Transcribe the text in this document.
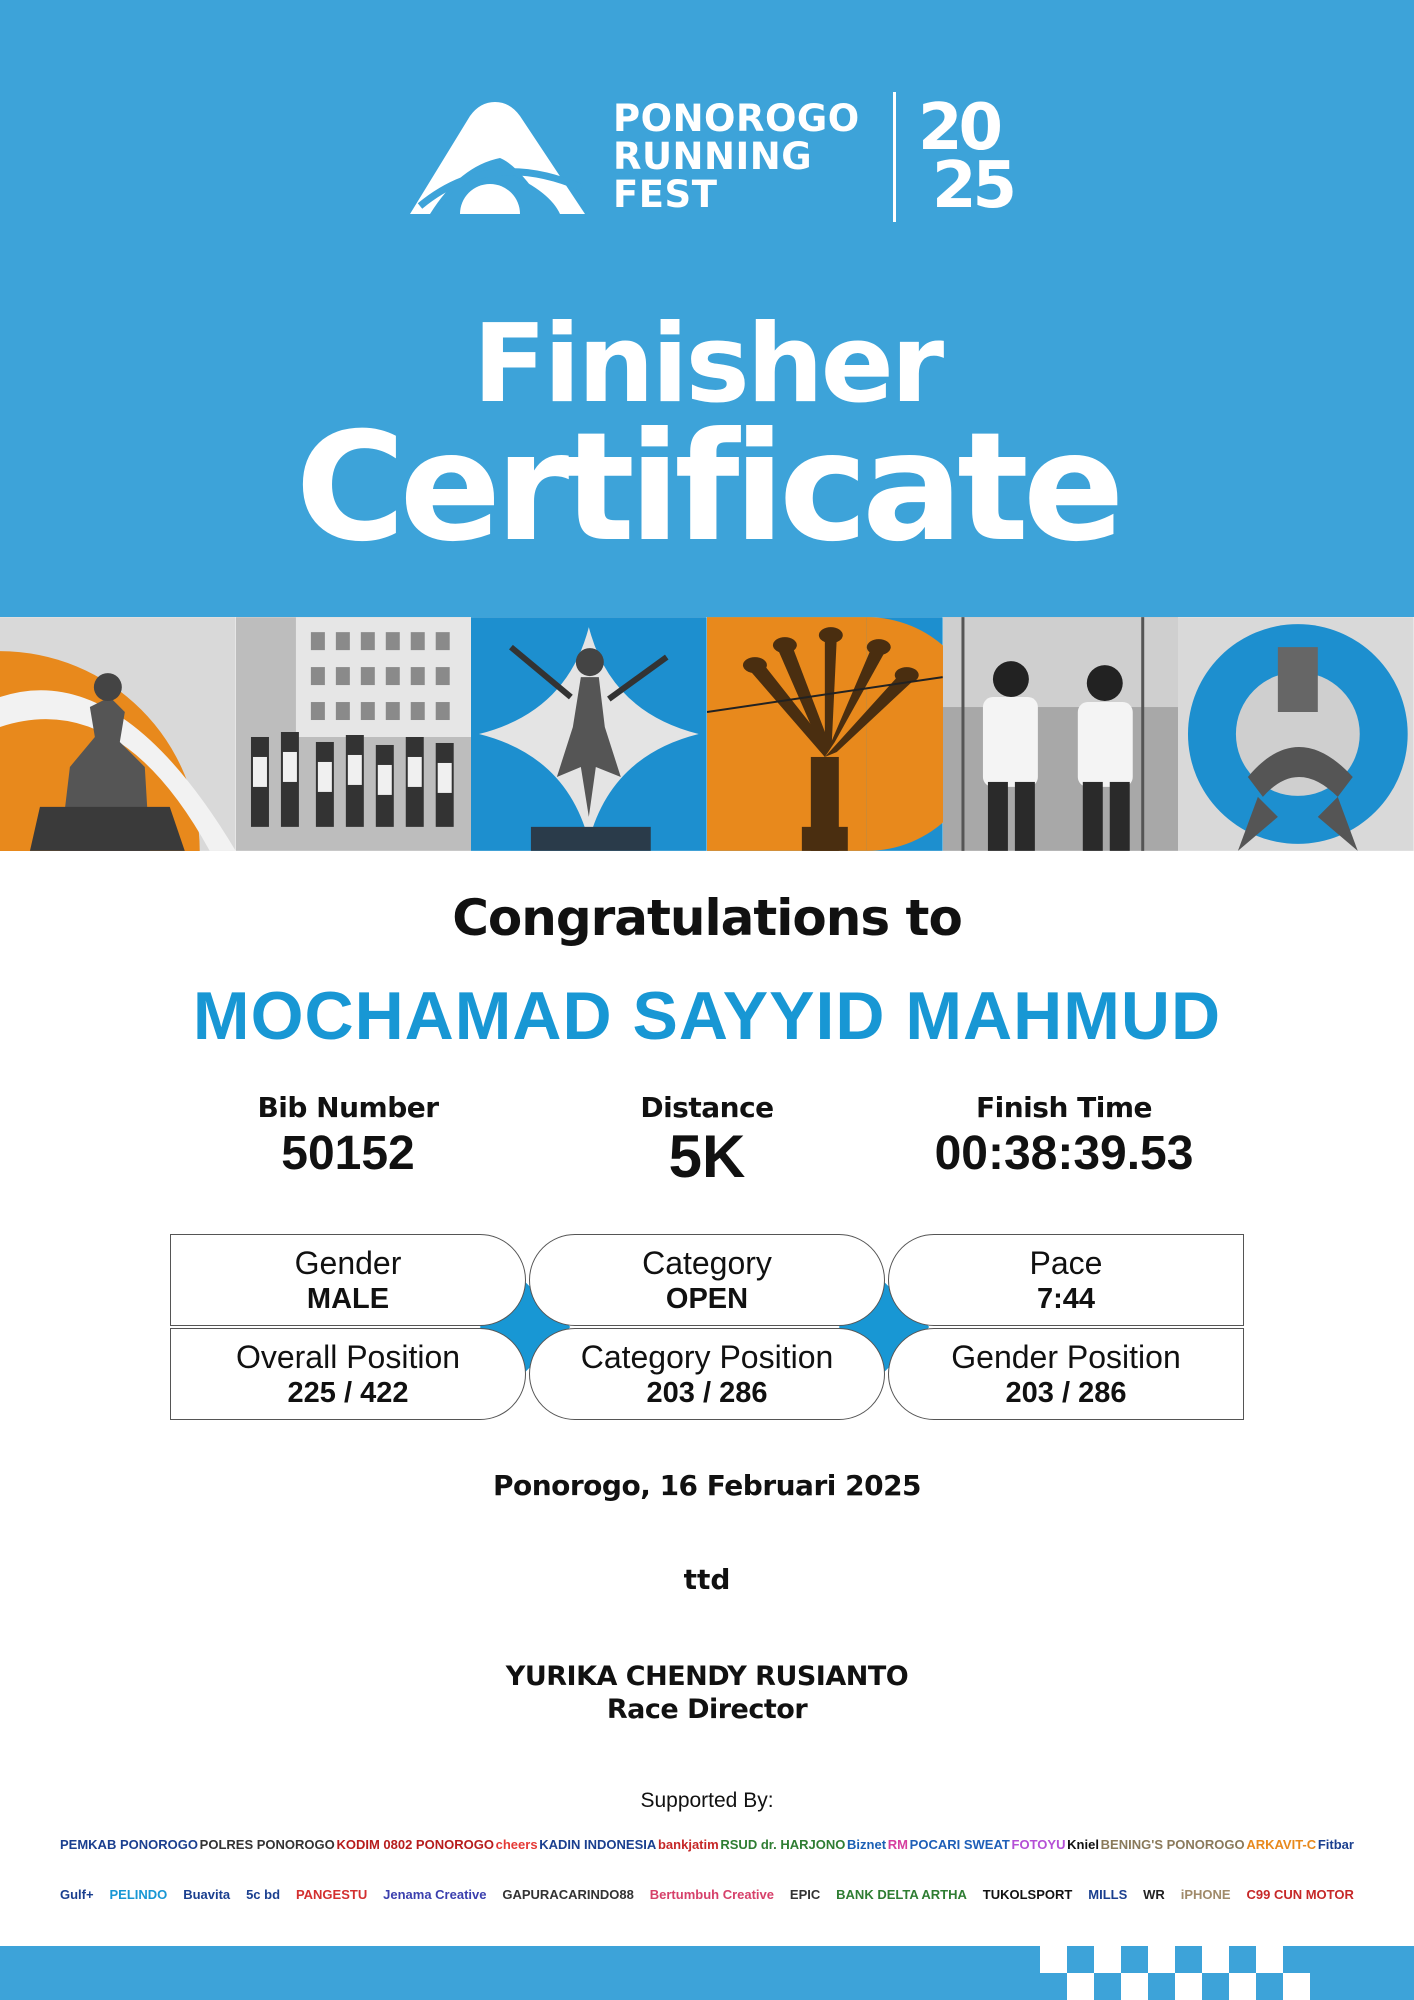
PONOROGO
RUNNING
FEST
20
25
Finisher
Certificate
Congratulations to
MOCHAMAD SAYYID MAHMUD
Bib Number
50152
Distance
5K
Finish Time
00:38:39.53
Gender
MALE
Category
OPEN
Pace
7:44
Overall Position
225 / 422
Category Position
203 / 286
Gender Position
203 / 286
Ponorogo, 16 Februari 2025
ttd
YURIKA CHENDY RUSIANTO
Race Director
Supported By:
PEMKAB PONOROGO POLRES PONOROGO KODIM 0802 PONOROGO cheers KADIN INDONESIA bankjatim RSUD dr. HARJONO Biznet RM POCARI SWEAT FOTOYU Kniel BENING'S PONOROGO ARKAVIT-C Fitbar
Gulf+ PELINDO Buavita 5c bd PANGESTU Jenama Creative GAPURACARINDO88 Bertumbuh Creative EPIC BANK DELTA ARTHA TUKOLSPORT MILLS WR iPHONE C99 CUN MOTOR
